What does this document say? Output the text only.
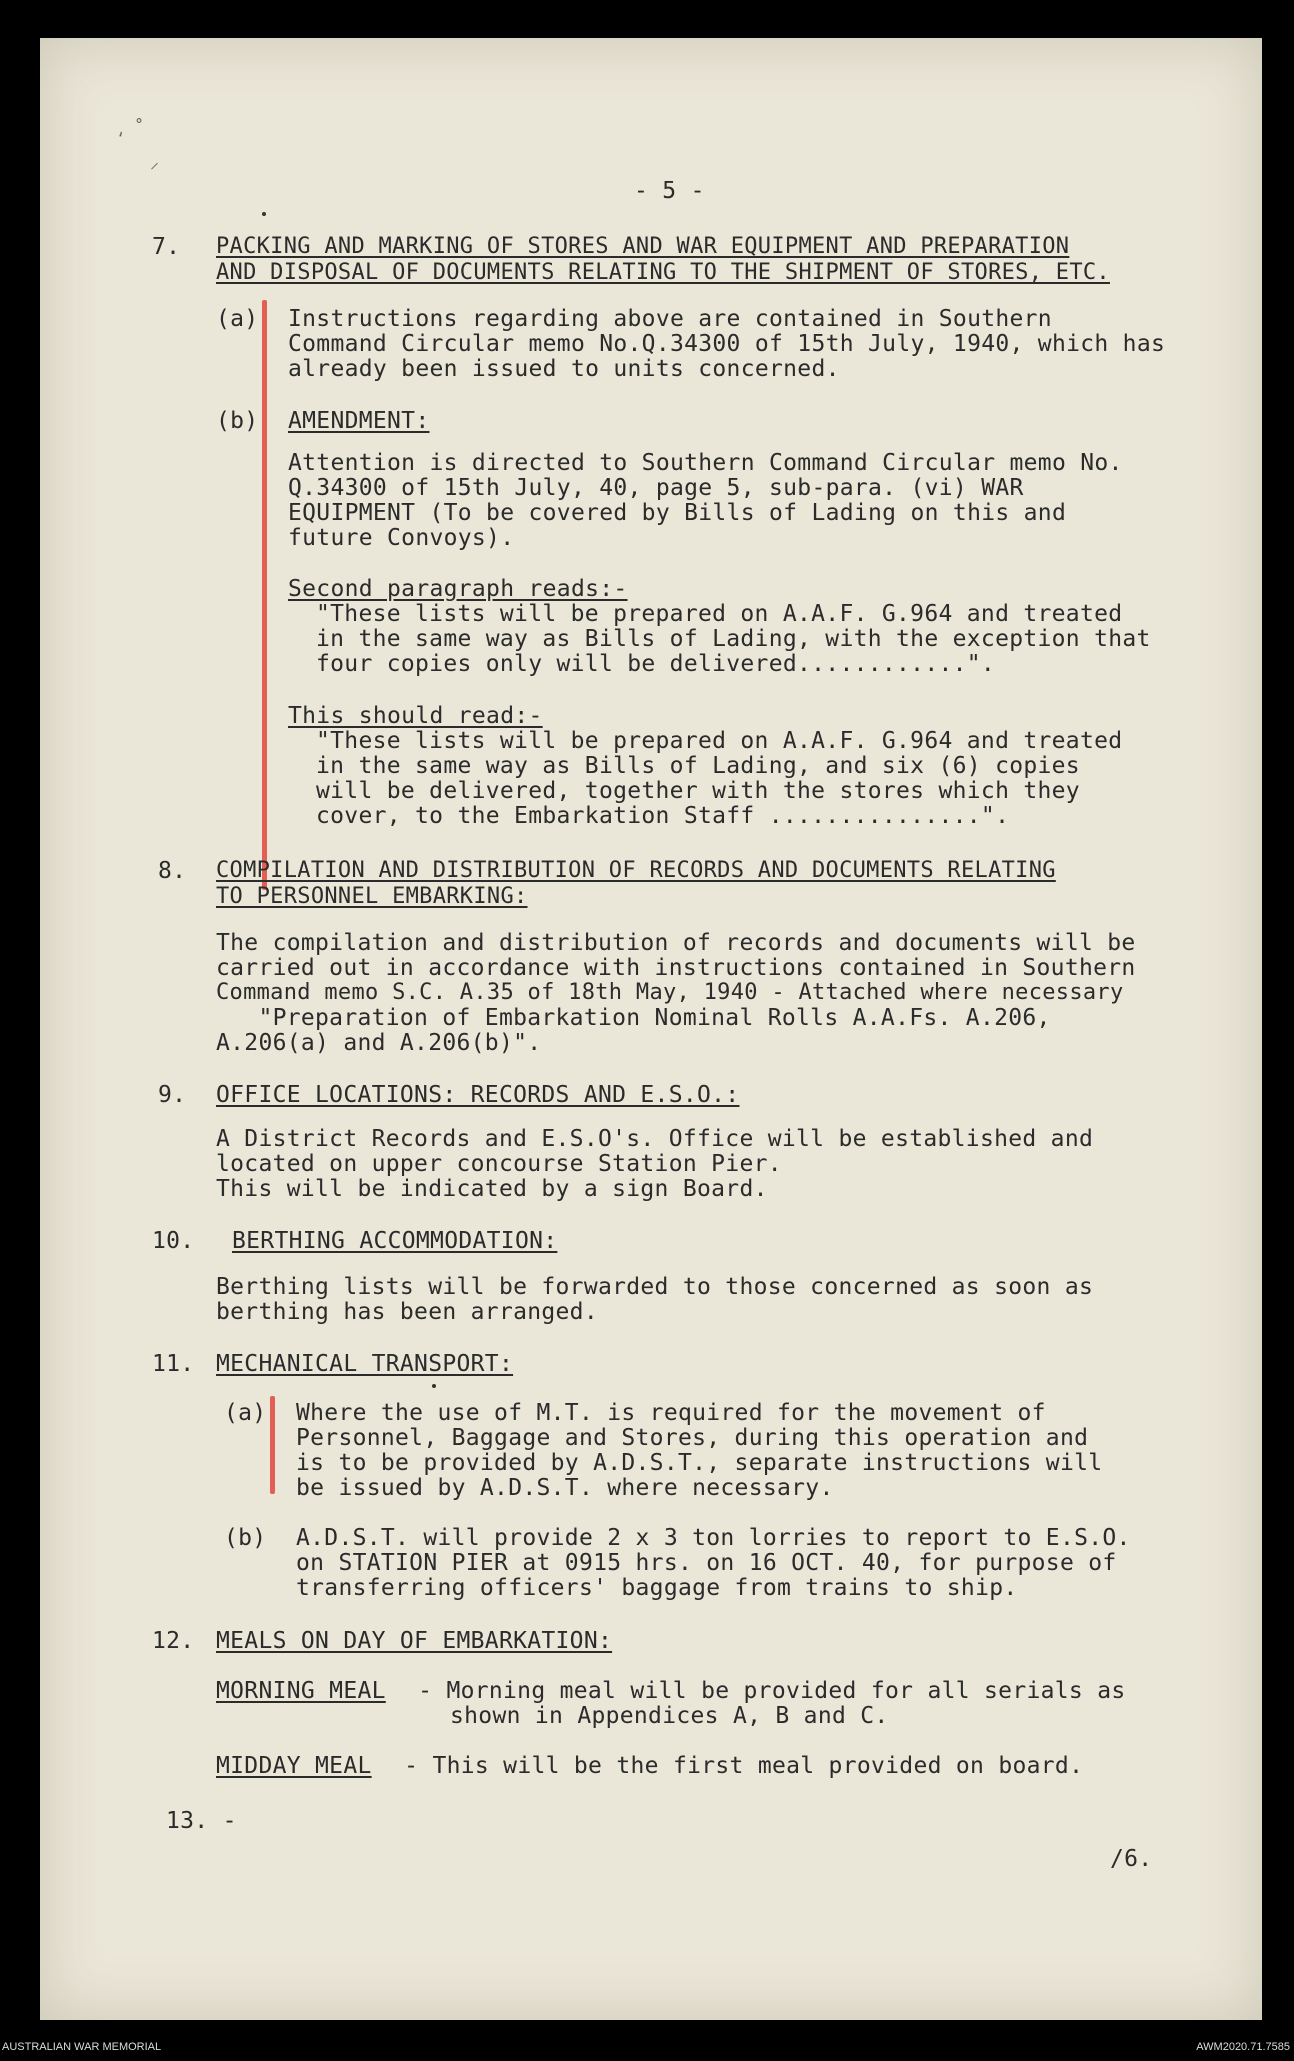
⸲ ˚
⸝
- 5 -
7. PACKING AND MARKING OF STORES AND WAR EQUIPMENT AND PREPARATION
AND DISPOSAL OF DOCUMENTS RELATING TO THE SHIPMENT OF STORES, ETC.
(a) Instructions regarding above are contained in Southern
Command Circular memo No.Q.34300 of 15th July, 1940, which has
already been issued to units concerned.
(b) AMENDMENT:
Attention is directed to Southern Command Circular memo No.
Q.34300 of 15th July, 40, page 5, sub-para. (vi) WAR
EQUIPMENT (To be covered by Bills of Lading on this and
future Convoys).
Second paragraph reads:-
"These lists will be prepared on A.A.F. G.964 and treated
in the same way as Bills of Lading, with the exception that
four copies only will be delivered............".
This should read:-
"These lists will be prepared on A.A.F. G.964 and treated
in the same way as Bills of Lading, and six (6) copies
will be delivered, together with the stores which they
cover, to the Embarkation Staff ...............".
8. COMPILATION AND DISTRIBUTION OF RECORDS AND DOCUMENTS RELATING
TO PERSONNEL EMBARKING:
The compilation and distribution of records and documents will be
carried out in accordance with instructions contained in Southern
Command memo S.C. A.35 of 18th May, 1940 - Attached where necessary
"Preparation of Embarkation Nominal Rolls A.A.Fs. A.206,
A.206(a) and A.206(b)".
9. OFFICE LOCATIONS: RECORDS AND E.S.O.:
A District Records and E.S.O's. Office will be established and
located on upper concourse Station Pier.
This will be indicated by a sign Board.
10. BERTHING ACCOMMODATION:
Berthing lists will be forwarded to those concerned as soon as
berthing has been arranged.
11. MECHANICAL TRANSPORT:
(a) Where the use of M.T. is required for the movement of
Personnel, Baggage and Stores, during this operation and
is to be provided by A.D.S.T., separate instructions will
be issued by A.D.S.T. where necessary.
(b) A.D.S.T. will provide 2 x 3 ton lorries to report to E.S.O.
on STATION PIER at 0915 hrs. on 16 OCT. 40, for purpose of
transferring officers' baggage from trains to ship.
12. MEALS ON DAY OF EMBARKATION:
MORNING MEAL - Morning meal will be provided for all serials as
shown in Appendices A, B and C.
MIDDAY MEAL - This will be the first meal provided on board.
13. -
/6.
AUSTRALIAN WAR MEMORIAL	AWM2020.71.7585
